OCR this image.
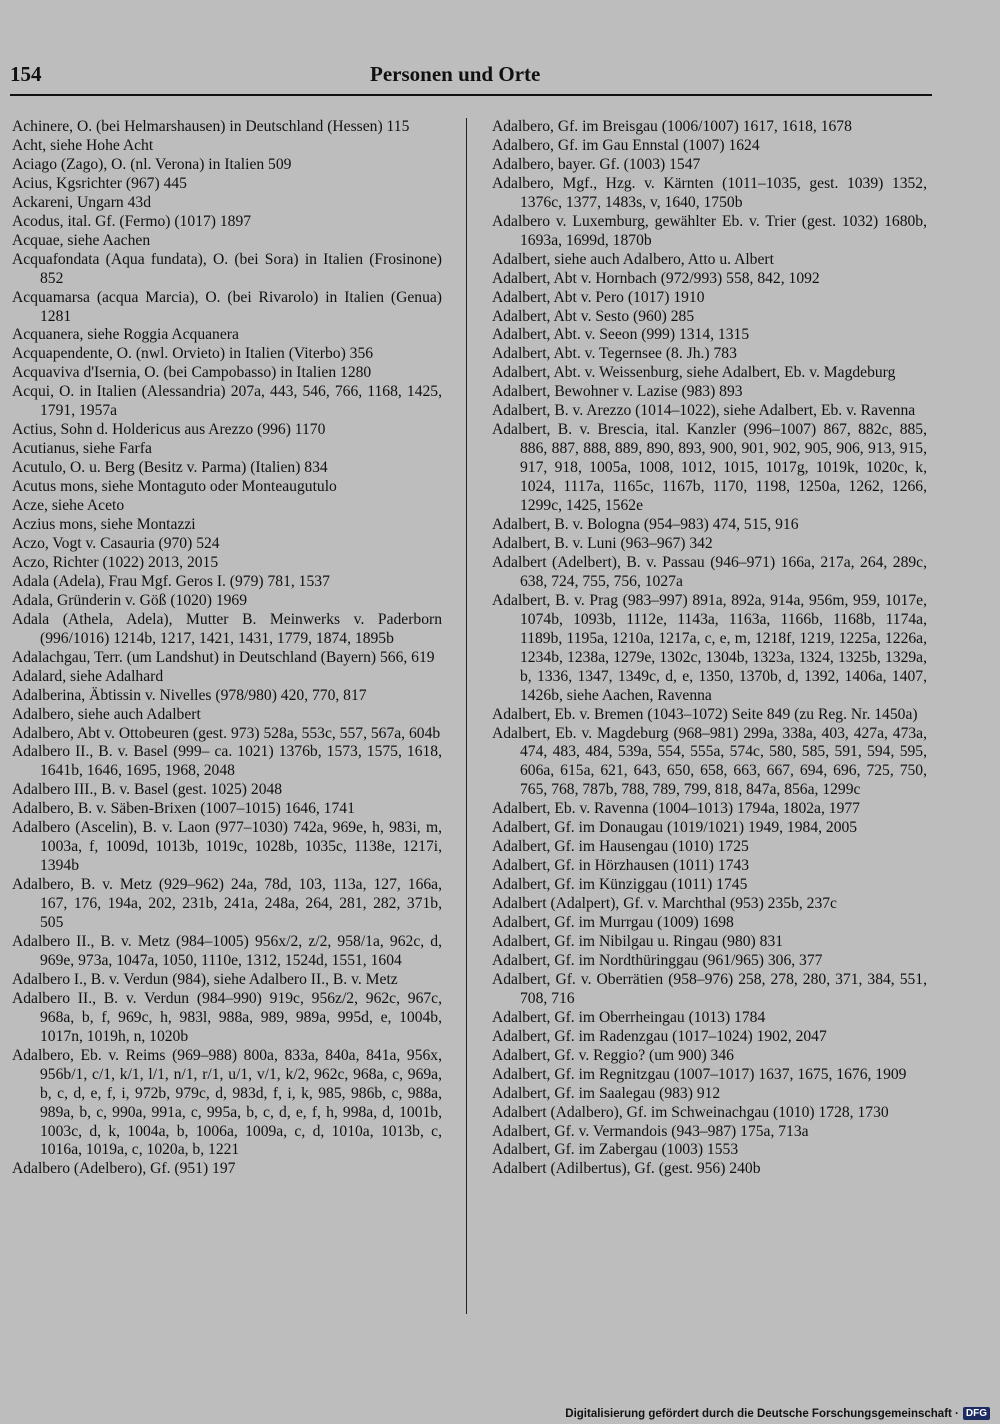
154	Personen und Orte
Achinere, O. (bei Helmarshausen) in Deutschland (Hessen) 115
Acht, siehe Hohe Acht
Aciago (Zago), O. (nl. Verona) in Italien 509
Acius, Kgsrichter (967) 445
Ackareni, Ungarn 43d
Acodus, ital. Gf. (Fermo) (1017) 1897
Acquae, siehe Aachen
Acquafondata (Aqua fundata), O. (bei Sora) in Italien (Frosinone) 852
Acquamarsa (acqua Marcia), O. (bei Rivarolo) in Italien (Genua) 1281
Acquanera, siehe Roggia Acquanera
Acquapendente, O. (nwl. Orvieto) in Italien (Viterbo) 356
Acquaviva d'Isernia, O. (bei Campobasso) in Italien 1280
Acqui, O. in Italien (Alessandria) 207a, 443, 546, 766, 1168, 1425, 1791, 1957a
Actius, Sohn d. Holdericus aus Arezzo (996) 1170
Acutianus, siehe Farfa
Acutulo, O. u. Berg (Besitz v. Parma) (Italien) 834
Acutus mons, siehe Montaguto oder Monteaugutulo
Acze, siehe Aceto
Aczius mons, siehe Montazzi
Aczo, Vogt v. Casauria (970) 524
Aczo, Richter (1022) 2013, 2015
Adala (Adela), Frau Mgf. Geros I. (979) 781, 1537
Adala, Gründerin v. Göß (1020) 1969
Adala (Athela, Adela), Mutter B. Meinwerks v. Paderborn (996/1016) 1214b, 1217, 1421, 1431, 1779, 1874, 1895b
Adalachgau, Terr. (um Landshut) in Deutschland (Bayern) 566, 619
Adalard, siehe Adalhard
Adalberina, Äbtissin v. Nivelles (978/980) 420, 770, 817
Adalbero, siehe auch Adalbert
Adalbero, Abt v. Ottobeuren (gest. 973) 528a, 553c, 557, 567a, 604b
Adalbero II., B. v. Basel (999– ca. 1021) 1376b, 1573, 1575, 1618, 1641b, 1646, 1695, 1968, 2048
Adalbero III., B. v. Basel (gest. 1025) 2048
Adalbero, B. v. Säben-Brixen (1007–1015) 1646, 1741
Adalbero (Ascelin), B. v. Laon (977–1030) 742a, 969e, h, 983i, m, 1003a, f, 1009d, 1013b, 1019c, 1028b, 1035c, 1138e, 1217i, 1394b
Adalbero, B. v. Metz (929–962) 24a, 78d, 103, 113a, 127, 166a, 167, 176, 194a, 202, 231b, 241a, 248a, 264, 281, 282, 371b, 505
Adalbero II., B. v. Metz (984–1005) 956x/2, z/2, 958/1a, 962c, d, 969e, 973a, 1047a, 1050, 1110e, 1312, 1524d, 1551, 1604
Adalbero I., B. v. Verdun (984), siehe Adalbero II., B. v. Metz
Adalbero II., B. v. Verdun (984–990) 919c, 956z/2, 962c, 967c, 968a, b, f, 969c, h, 983l, 988a, 989, 989a, 995d, e, 1004b, 1017n, 1019h, n, 1020b
Adalbero, Eb. v. Reims (969–988) 800a, 833a, 840a, 841a, 956x, 956b/1, c/1, k/1, l/1, n/1, r/1, u/1, v/1, k/2, 962c, 968a, c, 969a, b, c, d, e, f, i, 972b, 979c, d, 983d, f, i, k, 985, 986b, c, 988a, 989a, b, c, 990a, 991a, c, 995a, b, c, d, e, f, h, 998a, d, 1001b, 1003c, d, k, 1004a, b, 1006a, 1009a, c, d, 1010a, 1013b, c, 1016a, 1019a, c, 1020a, b, 1221
Adalbero (Adelbero), Gf. (951) 197
Adalbero, Gf. im Breisgau (1006/1007) 1617, 1618, 1678
Adalbero, Gf. im Gau Ennstal (1007) 1624
Adalbero, bayer. Gf. (1003) 1547
Adalbero, Mgf., Hzg. v. Kärnten (1011–1035, gest. 1039) 1352, 1376c, 1377, 1483s, v, 1640, 1750b
Adalbero v. Luxemburg, gewählter Eb. v. Trier (gest. 1032) 1680b, 1693a, 1699d, 1870b
Adalbert, siehe auch Adalbero, Atto u. Albert
Adalbert, Abt v. Hornbach (972/993) 558, 842, 1092
Adalbert, Abt v. Pero (1017) 1910
Adalbert, Abt v. Sesto (960) 285
Adalbert, Abt. v. Seeon (999) 1314, 1315
Adalbert, Abt. v. Tegernsee (8. Jh.) 783
Adalbert, Abt. v. Weissenburg, siehe Adalbert, Eb. v. Magdeburg
Adalbert, Bewohner v. Lazise (983) 893
Adalbert, B. v. Arezzo (1014–1022), siehe Adalbert, Eb. v. Ravenna
Adalbert, B. v. Brescia, ital. Kanzler (996–1007) 867, 882c, 885, 886, 887, 888, 889, 890, 893, 900, 901, 902, 905, 906, 913, 915, 917, 918, 1005a, 1008, 1012, 1015, 1017g, 1019k, 1020c, k, 1024, 1117a, 1165c, 1167b, 1170, 1198, 1250a, 1262, 1266, 1299c, 1425, 1562e
Adalbert, B. v. Bologna (954–983) 474, 515, 916
Adalbert, B. v. Luni (963–967) 342
Adalbert (Adelbert), B. v. Passau (946–971) 166a, 217a, 264, 289c, 638, 724, 755, 756, 1027a
Adalbert, B. v. Prag (983–997) 891a, 892a, 914a, 956m, 959, 1017e, 1074b, 1093b, 1112e, 1143a, 1163a, 1166b, 1168b, 1174a, 1189b, 1195a, 1210a, 1217a, c, e, m, 1218f, 1219, 1225a, 1226a, 1234b, 1238a, 1279e, 1302c, 1304b, 1323a, 1324, 1325b, 1329a, b, 1336, 1347, 1349c, d, e, 1350, 1370b, d, 1392, 1406a, 1407, 1426b, siehe Aachen, Ravenna
Adalbert, Eb. v. Bremen (1043–1072) Seite 849 (zu Reg. Nr. 1450a)
Adalbert, Eb. v. Magdeburg (968–981) 299a, 338a, 403, 427a, 473a, 474, 483, 484, 539a, 554, 555a, 574c, 580, 585, 591, 594, 595, 606a, 615a, 621, 643, 650, 658, 663, 667, 694, 696, 725, 750, 765, 768, 787b, 788, 789, 799, 818, 847a, 856a, 1299c
Adalbert, Eb. v. Ravenna (1004–1013) 1794a, 1802a, 1977
Adalbert, Gf. im Donaugau (1019/1021) 1949, 1984, 2005
Adalbert, Gf. im Hausengau (1010) 1725
Adalbert, Gf. in Hörzhausen (1011) 1743
Adalbert, Gf. im Künziggau (1011) 1745
Adalbert (Adalpert), Gf. v. Marchthal (953) 235b, 237c
Adalbert, Gf. im Murrgau (1009) 1698
Adalbert, Gf. im Nibilgau u. Ringau (980) 831
Adalbert, Gf. im Nordthüringgau (961/965) 306, 377
Adalbert, Gf. v. Oberrätien (958–976) 258, 278, 280, 371, 384, 551, 708, 716
Adalbert, Gf. im Oberrheingau (1013) 1784
Adalbert, Gf. im Radenzgau (1017–1024) 1902, 2047
Adalbert, Gf. v. Reggio? (um 900) 346
Adalbert, Gf. im Regnitzgau (1007–1017) 1637, 1675, 1676, 1909
Adalbert, Gf. im Saalegau (983) 912
Adalbert (Adalbero), Gf. im Schweinachgau (1010) 1728, 1730
Adalbert, Gf. v. Vermandois (943–987) 175a, 713a
Adalbert, Gf. im Zabergau (1003) 1553
Adalbert (Adilbertus), Gf. (gest. 956) 240b
Digitalisierung gefördert durch die Deutsche Forschungsgemeinschaft · DFG
